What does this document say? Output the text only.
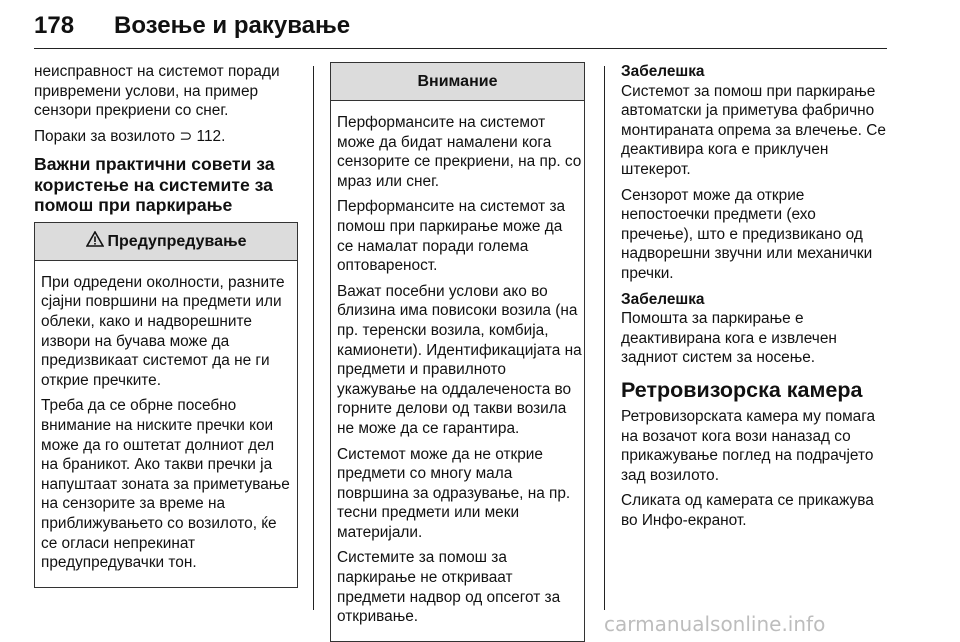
178 Возење и ракување

неисправност на системот поради привремени услови, на пример сензори прекриени со снег.

Пораки за возилото ⊃ 112.

Важни практични совети за користење на системите за помош при паркирање
Предупредување

При одредени околности, разните сјајни површини на предмети или облеки, како и надворешните извори на бучава може да предизвикаат системот да не ги открие пречките.

Треба да се обрне посебно внимание на ниските пречки кои може да го оштетат долниот дел на браникот. Ако такви пречки ја напуштаат зоната за приметување на сензорите за време на приближувањето со возилото, ќе се огласи непрекинат предупредувачки тон.

Внимание

Перформансите на системот може да бидат намалени кога сензорите се прекриени, на пр. со мраз или снег.

Перформансите на системот за помош при паркирање може да се намалат поради голема оптовареност.

Важат посебни услови ако во близина има повисоки возила (на пр. теренски возила, комбија, камионети). Идентификацијата на предмети и правилното укажување на оддалеченоста во горните делови од такви возила не може да се гарантира.

Системот може да не открие предмети со многу мала површина за одразување, на пр. тесни предмети или меки материјали.

Системите за помош за паркирање не откриваат предмети надвор од опсегот за откривање.

Забелешка

Системот за помош при паркирање автоматски ја приметува фабрично монтираната опрема за влечење. Се деактивира кога е приклучен штекерот.

Сензорот може да открие непостоечки предмети (ехо пречење), што е предизвикано од надворешни звучни или механички пречки.

Забелешка

Помошта за паркирање е деактивирана кога е извлечен задниот систем за носење.

Ретровизорска камера

Ретровизорската камера му помага на возачот кога вози наназад со прикажување поглед на подрачјето зад возилото.

Сликата од камерата се прикажува во Инфо-екранот.

carmanualsonline.info
